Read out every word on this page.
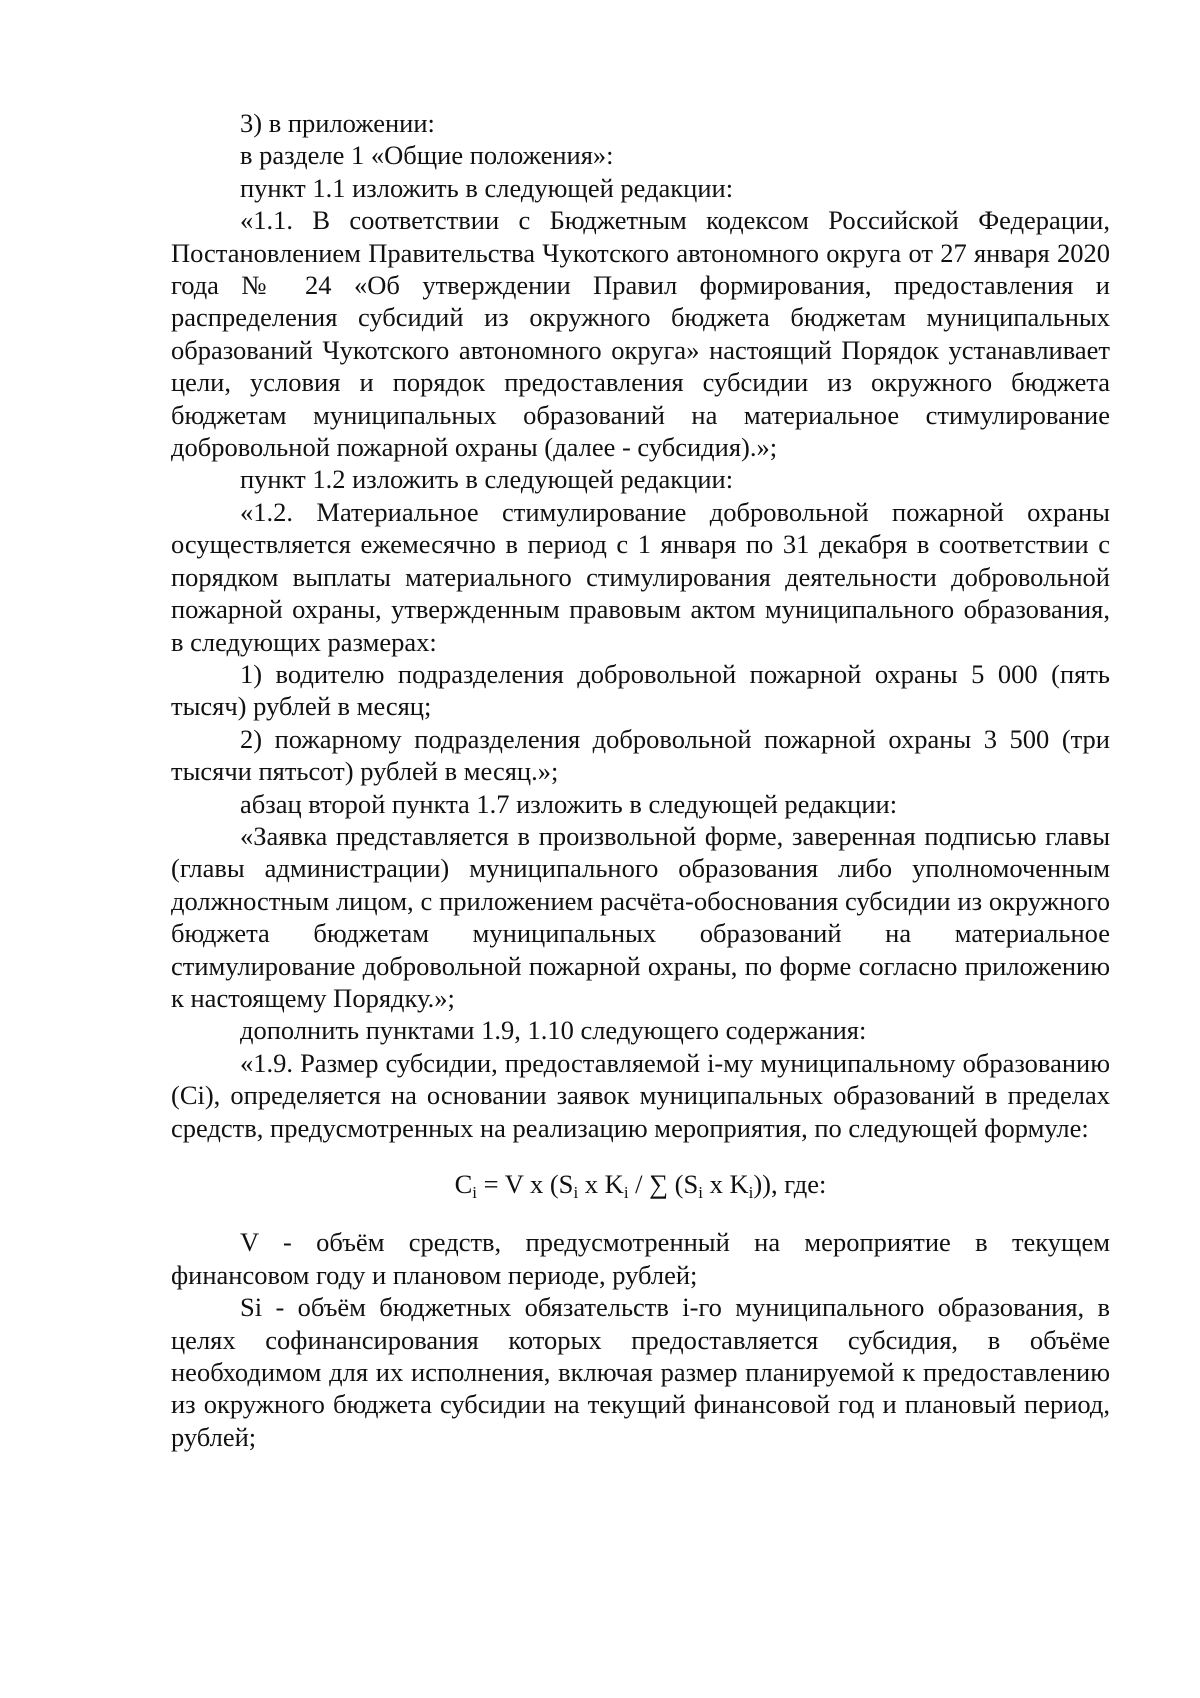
3) в приложении:

в разделе 1 «Общие положения»:

пункт 1.1 изложить в следующей редакции:

«1.1. В соответствии с Бюджетным кодексом Российской Федерации, Постановлением Правительства Чукотского автономного округа от 27 января 2020 года № 24 «Об утверждении Правил формирования, предоставления и распределения субсидий из окружного бюджета бюджетам муниципальных образований Чукотского автономного округа» настоящий Порядок устанавливает цели, условия и порядок предоставления субсидии из окружного бюджета бюджетам муниципальных образований на материальное стимулирование добровольной пожарной охраны (далее - субсидия).»;

пункт 1.2 изложить в следующей редакции:

«1.2. Материальное стимулирование добровольной пожарной охраны осуществляется ежемесячно в период с 1 января по 31 декабря в соответствии с порядком выплаты материального стимулирования деятельности добровольной пожарной охраны, утвержденным правовым актом муниципального образования, в следующих размерах:

1) водителю подразделения добровольной пожарной охраны 5 000 (пять тысяч) рублей в месяц;

2) пожарному подразделения добровольной пожарной охраны 3 500 (три тысячи пятьсот) рублей в месяц.»;

абзац второй пункта 1.7 изложить в следующей редакции:

«Заявка представляется в произвольной форме, заверенная подписью главы (главы администрации) муниципального образования либо уполномоченным должностным лицом, с приложением расчёта-обоснования субсидии из окружного бюджета бюджетам муниципальных образований на материальное стимулирование добровольной пожарной охраны, по форме согласно приложению к настоящему Порядку.»;

дополнить пунктами 1.9, 1.10 следующего содержания:

«1.9. Размер субсидии, предоставляемой i-му муниципальному образованию (Ci), определяется на основании заявок муниципальных образований в пределах средств, предусмотренных на реализацию мероприятия, по следующей формуле:

$C_i = V$ x ($S_i$ x $K_i$ / ∑ ($S_i$ x $K_i$)), где:

V - объём средств, предусмотренный на мероприятие в текущем финансовом году и плановом периоде, рублей;

Si - объём бюджетных обязательств i-го муниципального образования, в целях софинансирования которых предоставляется субсидия, в объёме необходимом для их исполнения, включая размер планируемой к предоставлению из окружного бюджета субсидии на текущий финансовой год и плановый период, рублей;
